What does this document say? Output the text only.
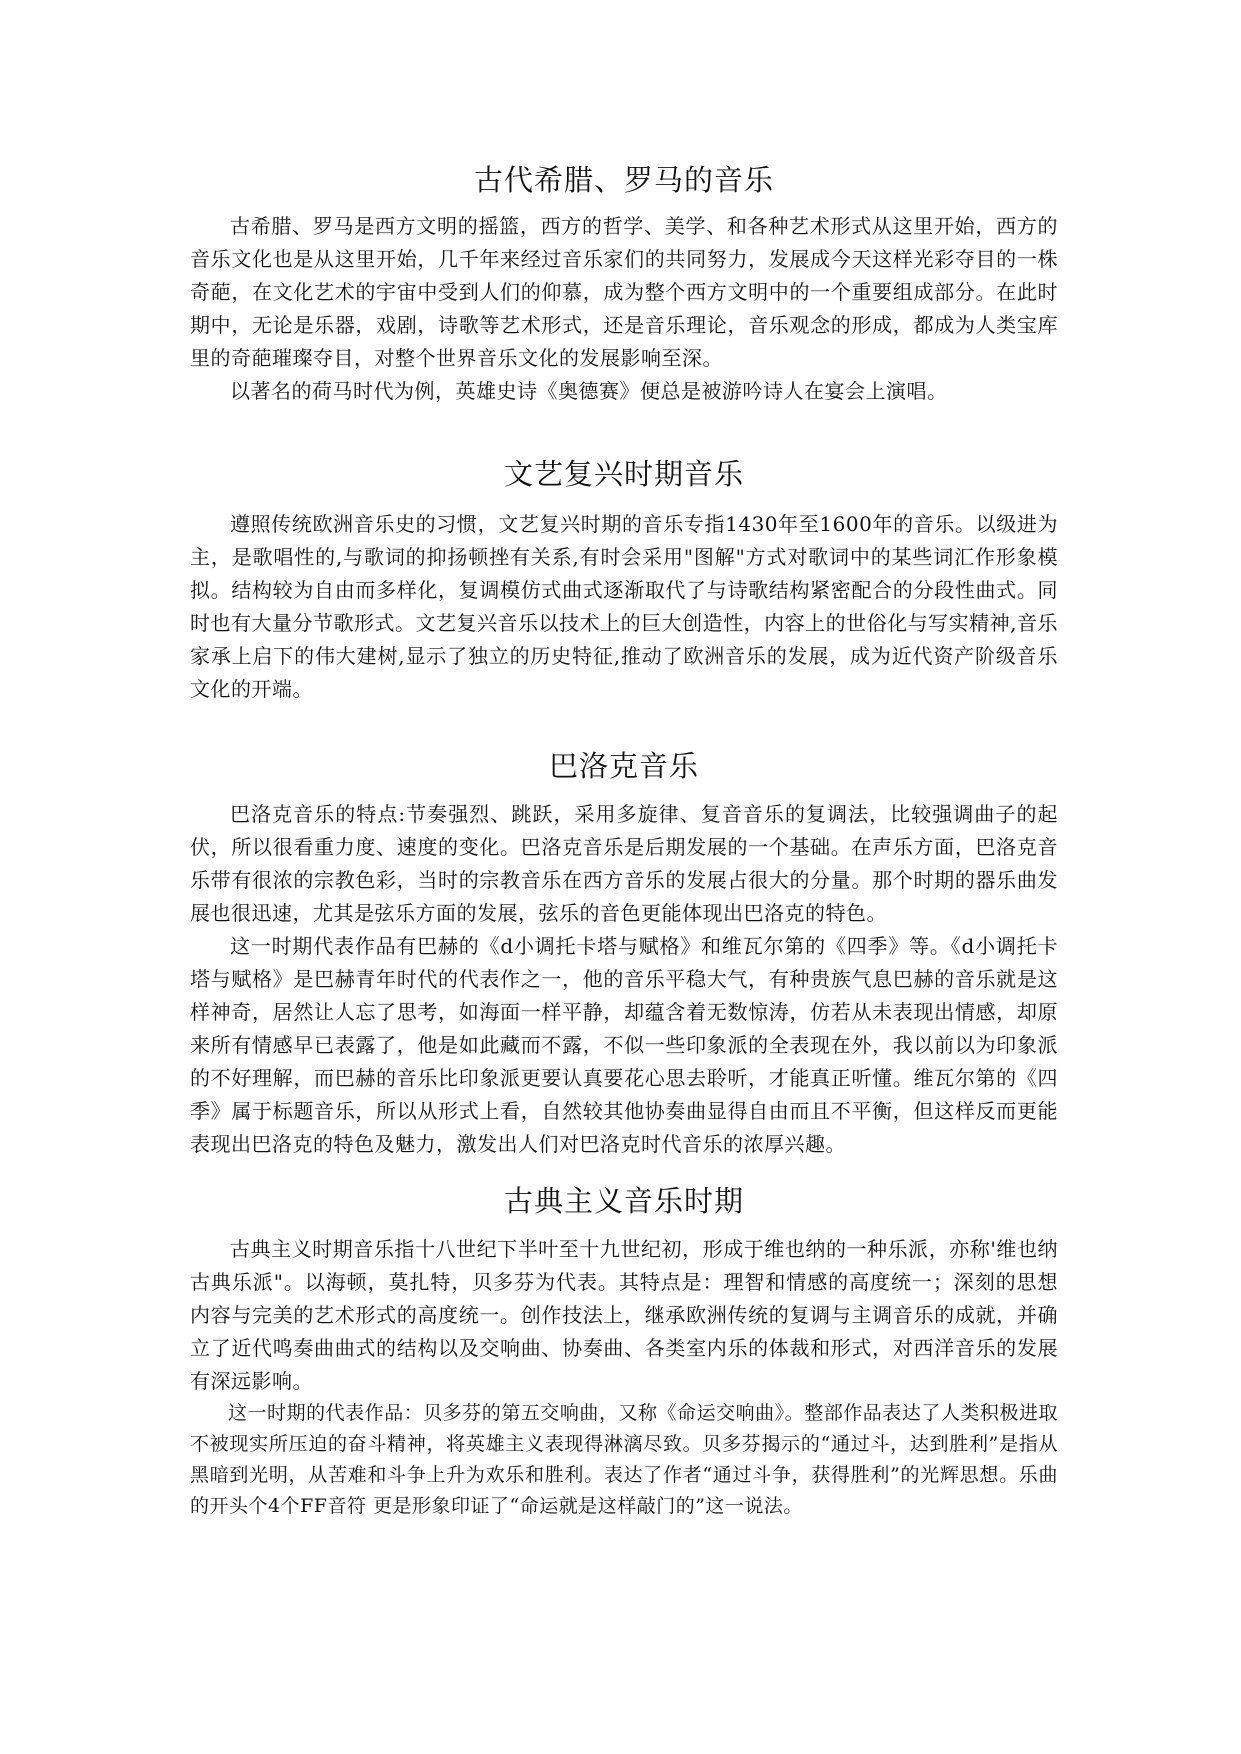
古代希腊、罗马的音乐

古希腊、罗马是西方文明的摇篮，西方的哲学、美学、和各种艺术形式从这里开始，西方的音乐文化也是从这里开始，几千年来经过音乐家们的共同努力，发展成今天这样光彩夺目的一株奇葩，在文化艺术的宇宙中受到人们的仰慕，成为整个西方文明中的一个重要组成部分。在此时期中，无论是乐器，戏剧，诗歌等艺术形式，还是音乐理论，音乐观念的形成，都成为人类宝库里的奇葩璀璨夺目，对整个世界音乐文化的发展影响至深。

以著名的荷马时代为例，英雄史诗《奥德赛》便总是被游吟诗人在宴会上演唱。

文艺复兴时期音乐

遵照传统欧洲音乐史的习惯，文艺复兴时期的音乐专指1430年至1600年的音乐。以级进为主，是歌唱性的,与歌词的抑扬顿挫有关系,有时会采用"图解"方式对歌词中的某些词汇作形象模拟。结构较为自由而多样化，复调模仿式曲式逐渐取代了与诗歌结构紧密配合的分段性曲式。同时也有大量分节歌形式。文艺复兴音乐以技术上的巨大创造性，内容上的世俗化与写实精神,音乐家承上启下的伟大建树,显示了独立的历史特征,推动了欧洲音乐的发展，成为近代资产阶级音乐文化的开端。

巴洛克音乐

巴洛克音乐的特点:节奏强烈、跳跃，采用多旋律、复音音乐的复调法，比较强调曲子的起伏，所以很看重力度、速度的变化。巴洛克音乐是后期发展的一个基础。在声乐方面，巴洛克音乐带有很浓的宗教色彩，当时的宗教音乐在西方音乐的发展占很大的分量。那个时期的器乐曲发展也很迅速，尤其是弦乐方面的发展，弦乐的音色更能体现出巴洛克的特色。

这一时期代表作品有巴赫的《d小调托卡塔与赋格》和维瓦尔第的《四季》等。《d小调托卡塔与赋格》是巴赫青年时代的代表作之一，他的音乐平稳大气，有种贵族气息巴赫的音乐就是这样神奇，居然让人忘了思考，如海面一样平静，却蕴含着无数惊涛，仿若从未表现出情感，却原来所有情感早已表露了，他是如此藏而不露，不似一些印象派的全表现在外，我以前以为印象派的不好理解，而巴赫的音乐比印象派更要认真要花心思去聆听，才能真正听懂。维瓦尔第的《四季》属于标题音乐，所以从形式上看，自然较其他协奏曲显得自由而且不平衡，但这样反而更能表现出巴洛克的特色及魅力，激发出人们对巴洛克时代音乐的浓厚兴趣。

古典主义音乐时期

古典主义时期音乐指十八世纪下半叶至十九世纪初，形成于维也纳的一种乐派，亦称'维也纳古典乐派"。以海顿，莫扎特，贝多芬为代表。其特点是：理智和情感的高度统一；深刻的思想内容与完美的艺术形式的高度统一。创作技法上，继承欧洲传统的复调与主调音乐的成就，并确立了近代鸣奏曲曲式的结构以及交响曲、协奏曲、各类室内乐的体裁和形式，对西洋音乐的发展有深远影响。

这一时期的代表作品：贝多芬的第五交响曲，又称《命运交响曲》。整部作品表达了人类积极进取不被现实所压迫的奋斗精神，将英雄主义表现得淋漓尽致。贝多芬揭示的“通过斗，达到胜利”是指从黑暗到光明，从苦难和斗争上升为欢乐和胜利。表达了作者“通过斗争，获得胜利”的光辉思想。乐曲的开头个4个FF音符 更是形象印证了“命运就是这样敲门的”这一说法。
